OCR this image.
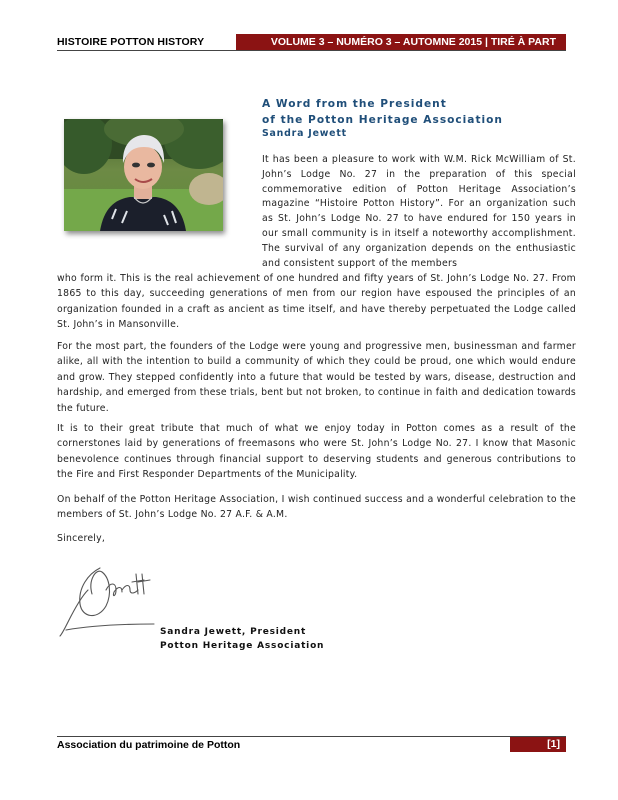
HISTOIRE POTTON HISTORY	VOLUME 3 – NUMÉRO 3 – AUTOMNE 2015 | TIRÉ À PART
A Word from the President
of the Potton Heritage Association
Sandra Jewett
It has been a pleasure to work with W.M. Rick McWilliam of St. John’s Lodge No. 27 in the preparation of this special commemorative edition of Potton Heritage Association’s magazine “Histoire Potton History”. For an organization such as St. John’s Lodge No. 27 to have endured for 150 years in our small community is in itself a noteworthy accomplishment. The survival of any organization depends on the enthusiastic and consistent support of the members
who form it. This is the real achievement of one hundred and fifty years of St. John’s Lodge No. 27. From 1865 to this day, succeeding generations of men from our region have espoused the principles of an organization founded in a craft as ancient as time itself, and have thereby perpetuated the Lodge called St. John’s in Mansonville.
For the most part, the founders of the Lodge were young and progressive men, businessman and farmer alike, all with the intention to build a community of which they could be proud, one which would endure and grow. They stepped confidently into a future that would be tested by wars, disease, destruction and hardship, and emerged from these trials, bent but not broken, to continue in faith and dedication towards the future.
It is to their great tribute that much of what we enjoy today in Potton comes as a result of the cornerstones laid by generations of freemasons who were St. John’s Lodge No. 27. I know that Masonic benevolence continues through financial support to deserving students and generous contributions to the Fire and First Responder Departments of the Municipality.
On behalf of the Potton Heritage Association, I wish continued success and a wonderful celebration to the members of St. John’s Lodge No. 27 A.F. & A.M.
Sincerely,
Sandra Jewett, President
Potton Heritage Association
Association du patrimoine de Potton	[1]
